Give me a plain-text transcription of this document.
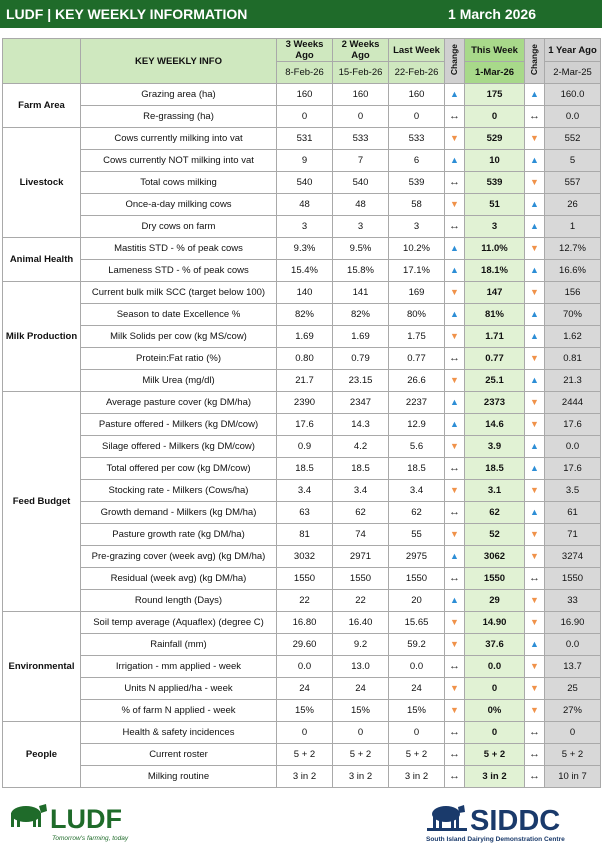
LUDF | KEY WEEKLY INFORMATION	1 March 2026
	KEY WEEKLY INFO	3 Weeks Ago	2 Weeks Ago	Last Week	Change	This Week	Change	1 Year Ago
		8-Feb-26	15-Feb-26	22-Feb-26		1-Mar-26		2-Mar-25
Farm Area	Grazing area (ha)	160	160	160	▲	175	▲	160.0
	Re-grassing (ha)	0	0	0	↔	0	↔	0.0
Livestock	Cows currently milking into vat	531	533	533	▼	529	▼	552
	Cows currently NOT milking into vat	9	7	6	▲	10	▲	5
	Total cows milking	540	540	539	↔	539	▼	557
	Once-a-day milking cows	48	48	58	▼	51	▲	26
	Dry cows on farm	3	3	3	↔	3	▲	1
Animal Health	Mastitis STD - % of peak cows	9.3%	9.5%	10.2%	▲	11.0%	▼	12.7%
	Lameness STD - % of peak cows	15.4%	15.8%	17.1%	▲	18.1%	▲	16.6%
Milk Production	Current bulk milk SCC (target below 100)	140	141	169	▼	147	▼	156
	Season to date Excellence %	82%	82%	80%	▲	81%	▲	70%
	Milk Solids per cow (kg MS/cow)	1.69	1.69	1.75	▼	1.71	▲	1.62
	Protein:Fat ratio (%)	0.80	0.79	0.77	↔	0.77	▼	0.81
	Milk Urea (mg/dl)	21.7	23.15	26.6	▼	25.1	▲	21.3
Feed Budget	Average pasture cover (kg DM/ha)	2390	2347	2237	▲	2373	▼	2444
	Pasture offered - Milkers (kg DM/cow)	17.6	14.3	12.9	▲	14.6	▼	17.6
	Silage offered - Milkers (kg DM/cow)	0.9	4.2	5.6	▼	3.9	▲	0.0
	Total offered per cow (kg DM/cow)	18.5	18.5	18.5	↔	18.5	▲	17.6
	Stocking rate - Milkers (Cows/ha)	3.4	3.4	3.4	▼	3.1	▼	3.5
	Growth demand - Milkers (kg DM/ha)	63	62	62	↔	62	▲	61
	Pasture growth rate (kg DM/ha)	81	74	55	▼	52	▼	71
	Pre-grazing cover (week avg) (kg DM/ha)	3032	2971	2975	▲	3062	▼	3274
	Residual (week avg) (kg DM/ha)	1550	1550	1550	↔	1550	↔	1550
	Round length (Days)	22	22	20	▲	29	▼	33
Environmental	Soil temp average (Aquaflex) (degree C)	16.80	16.40	15.65	▼	14.90	▼	16.90
	Rainfall (mm)	29.60	9.2	59.2	▼	37.6	▲	0.0
	Irrigation - mm applied - week	0.0	13.0	0.0	↔	0.0	▼	13.7
	Units N applied/ha - week	24	24	24	▼	0	▼	25
	% of farm N applied - week	15%	15%	15%	▼	0%	▼	27%
People	Health & safety incidences	0	0	0	↔	0	↔	0
	Current roster	5 + 2	5 + 2	5 + 2	↔	5 + 2	↔	5 + 2
	Milking routine	3 in 2	3 in 2	3 in 2	↔	3 in 2	↔	10 in 7
LUDF
Tomorrow's farming, today
SIDDC
South Island Dairying Demonstration Centre
